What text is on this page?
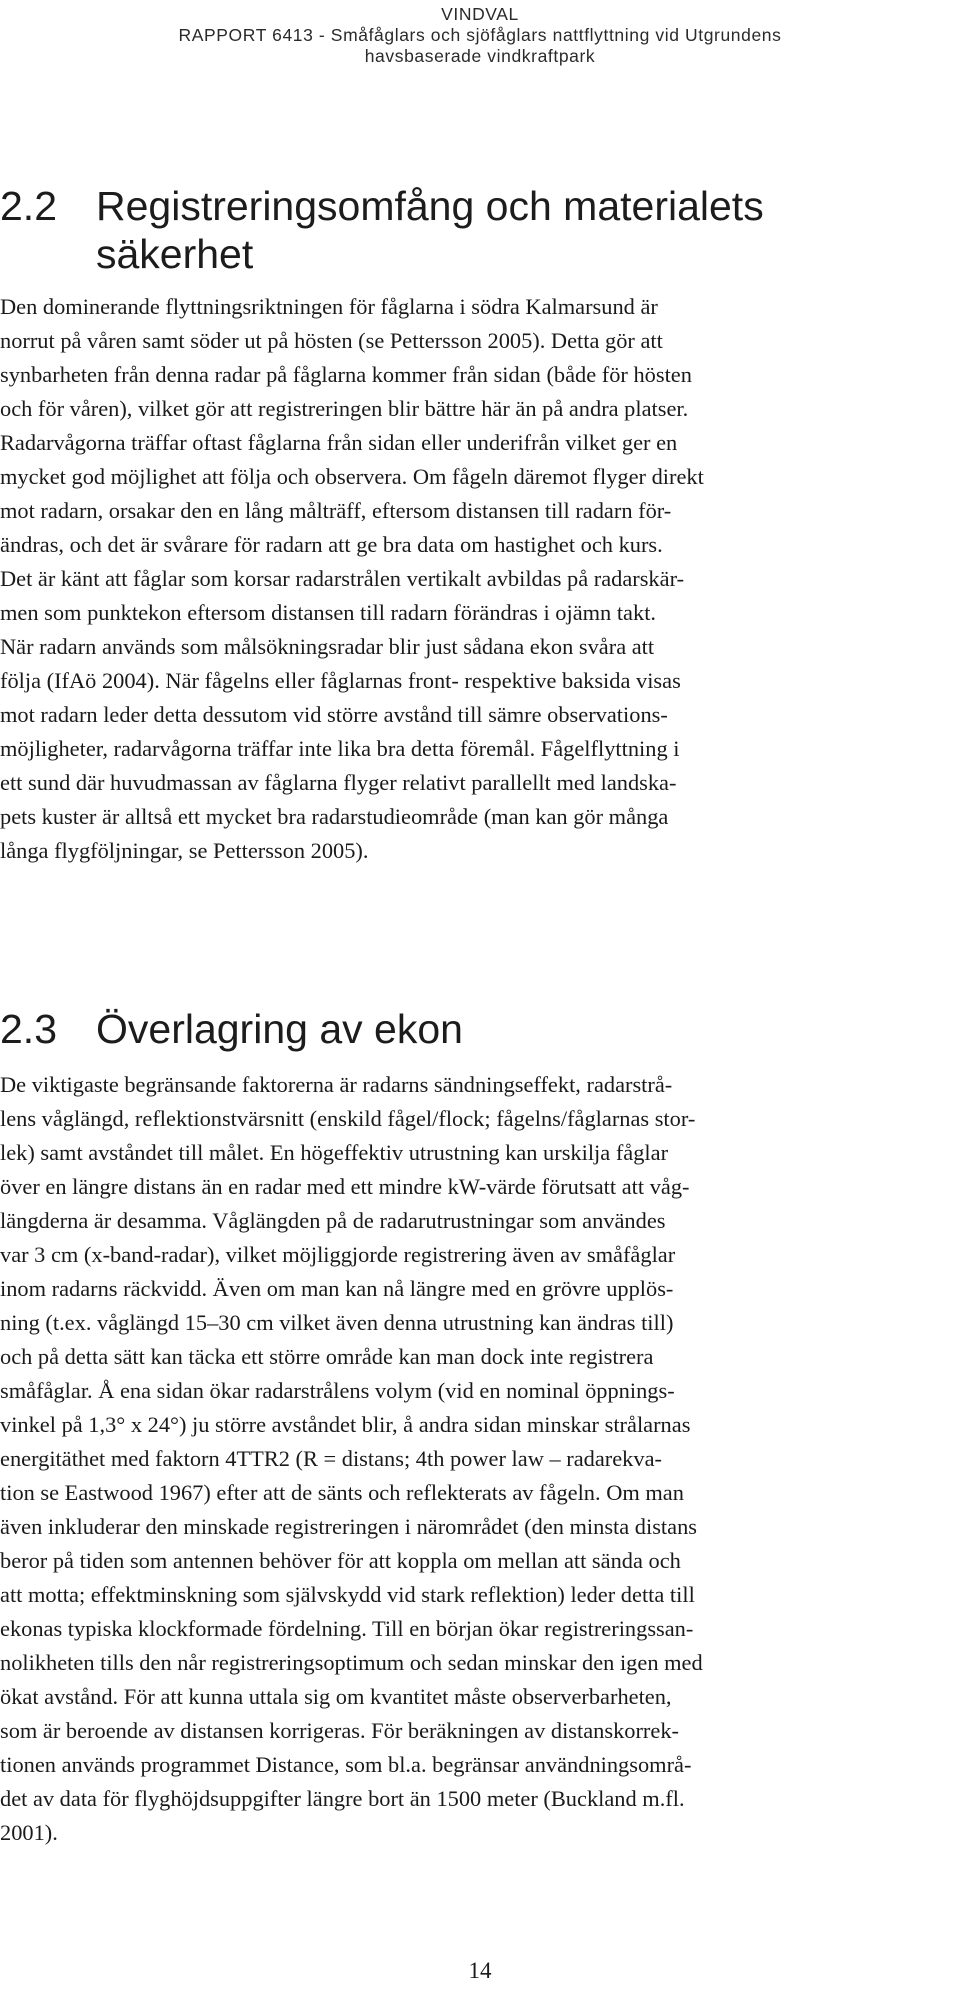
VINDVAL
RAPPORT 6413 - Småfåglars och sjöfåglars nattflyttning vid Utgrundens
havsbaserade vindkraftpark
2.2 Registreringsomfång och materialets
säkerhet

Den dominerande flyttningsriktningen för fåglarna i södra Kalmarsund är
norrut på våren samt söder ut på hösten (se Pettersson 2005). Detta gör att
synbarheten från denna radar på fåglarna kommer från sidan (både för hösten
och för våren), vilket gör att registreringen blir bättre här än på andra platser.
Radarvågorna träffar oftast fåglarna från sidan eller underifrån vilket ger en
mycket god möjlighet att följa och observera. Om fågeln däremot flyger direkt
mot radarn, orsakar den en lång målträff, eftersom distansen till radarn för-
ändras, och det är svårare för radarn att ge bra data om hastighet och kurs.
Det är känt att fåglar som korsar radarstrålen vertikalt avbildas på radarskär-
men som punktekon eftersom distansen till radarn förändras i ojämn takt.
När radarn används som målsökningsradar blir just sådana ekon svåra att
följa (IfAö 2004). När fågelns eller fåglarnas front- respektive baksida visas
mot radarn leder detta dessutom vid större avstånd till sämre observations-
möjligheter, radarvågorna träffar inte lika bra detta föremål. Fågelflyttning i
ett sund där huvudmassan av fåglarna flyger relativt parallellt med landska-
pets kuster är alltså ett mycket bra radarstudieområde (man kan gör många
långa flygföljningar, se Pettersson 2005).

2.3 Överlagring av ekon

De viktigaste begränsande faktorerna är radarns sändningseffekt, radarstrå-
lens våglängd, reflektionstvärsnitt (enskild fågel/flock; fågelns/fåglarnas stor-
lek) samt avståndet till målet. En högeffektiv utrustning kan urskilja fåglar
över en längre distans än en radar med ett mindre kW-värde förutsatt att våg-
längderna är desamma. Våglängden på de radarutrustningar som användes
var 3 cm (x-band-radar), vilket möjliggjorde registrering även av småfåglar
inom radarns räckvidd. Även om man kan nå längre med en grövre upplös-
ning (t.ex. våglängd 15–30 cm vilket även denna utrustning kan ändras till)
och på detta sätt kan täcka ett större område kan man dock inte registrera
småfåglar. Å ena sidan ökar radarstrålens volym (vid en nominal öppnings-
vinkel på 1,3° x 24°) ju större avståndet blir, å andra sidan minskar strålarnas
energitäthet med faktorn 4TTR2 (R = distans; 4th power law – radarekva-
tion se Eastwood 1967) efter att de sänts och reflekterats av fågeln. Om man
även inkluderar den minskade registreringen i närområdet (den minsta distans
beror på tiden som antennen behöver för att koppla om mellan att sända och
att motta; effektminskning som självskydd vid stark reflektion) leder detta till
ekonas typiska klockformade fördelning. Till en början ökar registreringssan-
nolikheten tills den når registreringsoptimum och sedan minskar den igen med
ökat avstånd. För att kunna uttala sig om kvantitet måste observerbarheten,
som är beroende av distansen korrigeras. För beräkningen av distanskorrek-
tionen används programmet Distance, som bl.a. begränsar användningsområ-
det av data för flyghöjdsuppgifter längre bort än 1500 meter (Buckland m.fl.
2001).

14
